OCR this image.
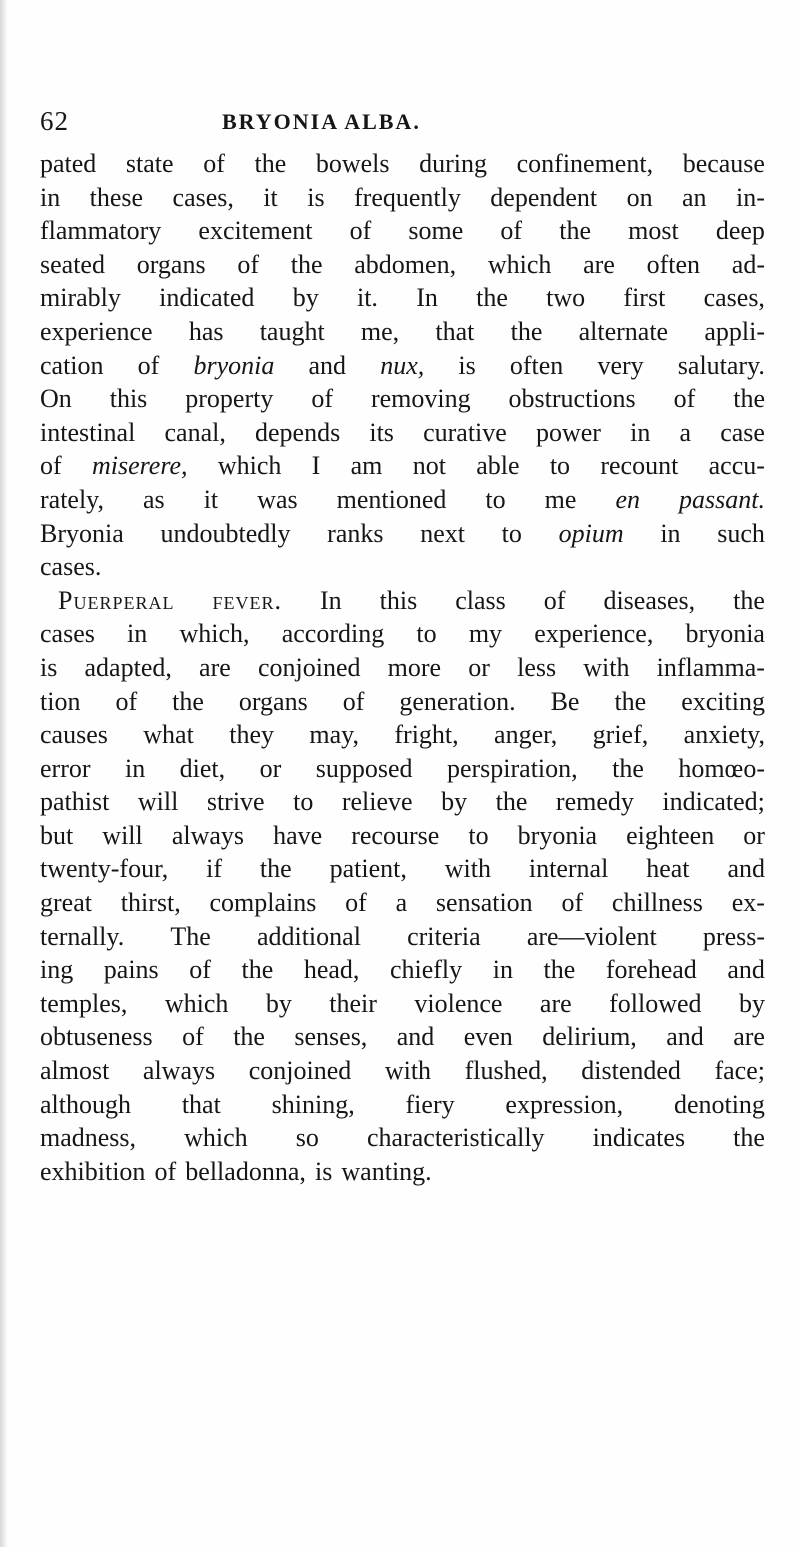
62	BRYONIA ALBA.
pated state of the bowels during confinement, because
in these cases, it is frequently dependent on an in-
flammatory excitement of some of the most deep
seated organs of the abdomen, which are often ad-
mirably indicated by it. In the two first cases,
experience has taught me, that the alternate appli-
cation of bryonia and nux, is often very salutary.
On this property of removing obstructions of the
intestinal canal, depends its curative power in a case
of miserere, which I am not able to recount accu-
rately, as it was mentioned to me en passant.
Bryonia undoubtedly ranks next to opium in such
cases.
Puerperal fever. In this class of diseases, the
cases in which, according to my experience, bryonia
is adapted, are conjoined more or less with inflamma-
tion of the organs of generation. Be the exciting
causes what they may, fright, anger, grief, anxiety,
error in diet, or supposed perspiration, the homœo-
pathist will strive to relieve by the remedy indicated;
but will always have recourse to bryonia eighteen or
twenty-four, if the patient, with internal heat and
great thirst, complains of a sensation of chillness ex-
ternally. The additional criteria are—violent press-
ing pains of the head, chiefly in the forehead and
temples, which by their violence are followed by
obtuseness of the senses, and even delirium, and are
almost always conjoined with flushed, distended face;
although that shining, fiery expression, denoting
madness, which so characteristically indicates the
exhibition of belladonna, is wanting.
